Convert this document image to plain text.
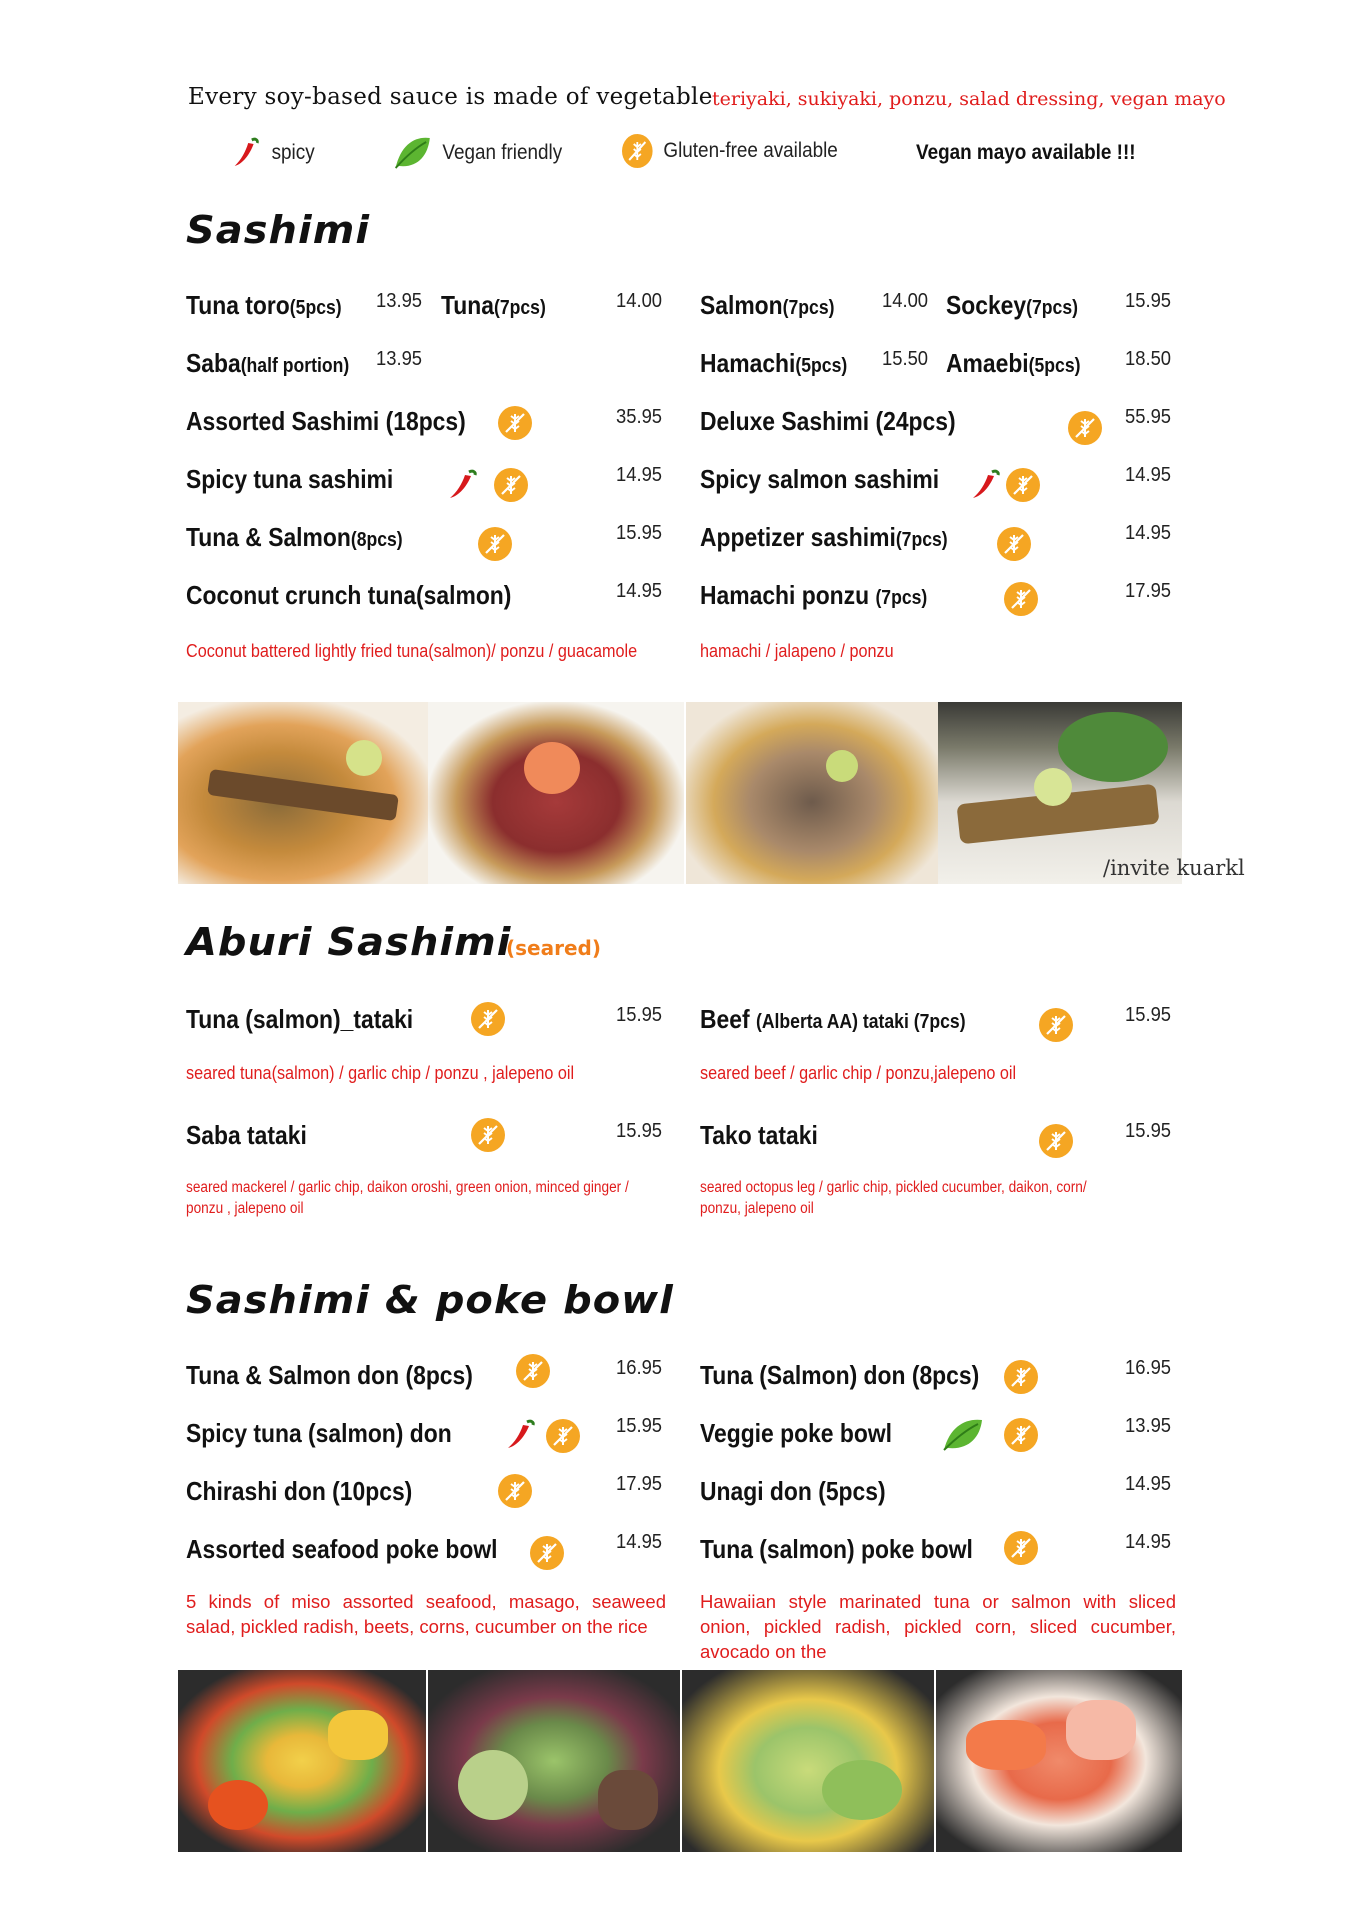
Every soy-based sauce is made of vegetable teriyaki, sukiyaki, ponzu, salad dressing, vegan mayo
spicy	Vegan friendly	Gluten-free available	Vegan mayo available !!!
Sashimi
Tuna toro(5pcs) 13.95 Tuna(7pcs)	14.00 Salmon(7pcs) 14.00 Sockey(7pcs) 15.95
Saba(half portion) 13.95	Hamachi(5pcs) 15.50 Amaebi(5pcs) 18.50
Assorted Sashimi (18pcs)	35.95 Deluxe Sashimi (24pcs)	55.95
Spicy tuna sashimi	14.95 Spicy salmon sashimi	14.95
Tuna & Salmon(8pcs)	15.95 Appetizer sashimi(7pcs)	14.95
Coconut crunch tuna(salmon)	14.95 Hamachi ponzu (7pcs)	17.95
Coconut battered lightly fried tuna(salmon)/ ponzu / guacamole	hamachi / jalapeno / ponzu
/invite kuarkl
Aburi Sashimi
(seared)
Tuna (salmon)_tataki	15.95 Beef (Alberta AA) tataki (7pcs)	15.95
seared tuna(salmon) / garlic chip / ponzu , jalepeno oil	seared beef / garlic chip / ponzu,jalepeno oil
Saba tataki	15.95 Tako tataki	15.95
seared mackerel / garlic chip, daikon oroshi, green onion, minced ginger / ponzu , jalepeno oil
seared octopus leg / garlic chip, pickled cucumber, daikon, corn/ ponzu, jalepeno oil
Sashimi & poke bowl
Tuna & Salmon don (8pcs)	16.95 Tuna (Salmon) don (8pcs)	16.95
Spicy tuna (salmon) don	15.95 Veggie poke bowl	13.95
Chirashi don (10pcs)	17.95 Unagi don (5pcs)	14.95
Assorted seafood poke bowl	14.95 Tuna (salmon) poke bowl	14.95
5 kinds of miso assorted seafood, masago, seaweed salad, pickled radish, beets, corns, cucumber on the rice
Hawaiian style marinated tuna or salmon with sliced onion, pickled radish, pickled corn, sliced cucumber, avocado on the
